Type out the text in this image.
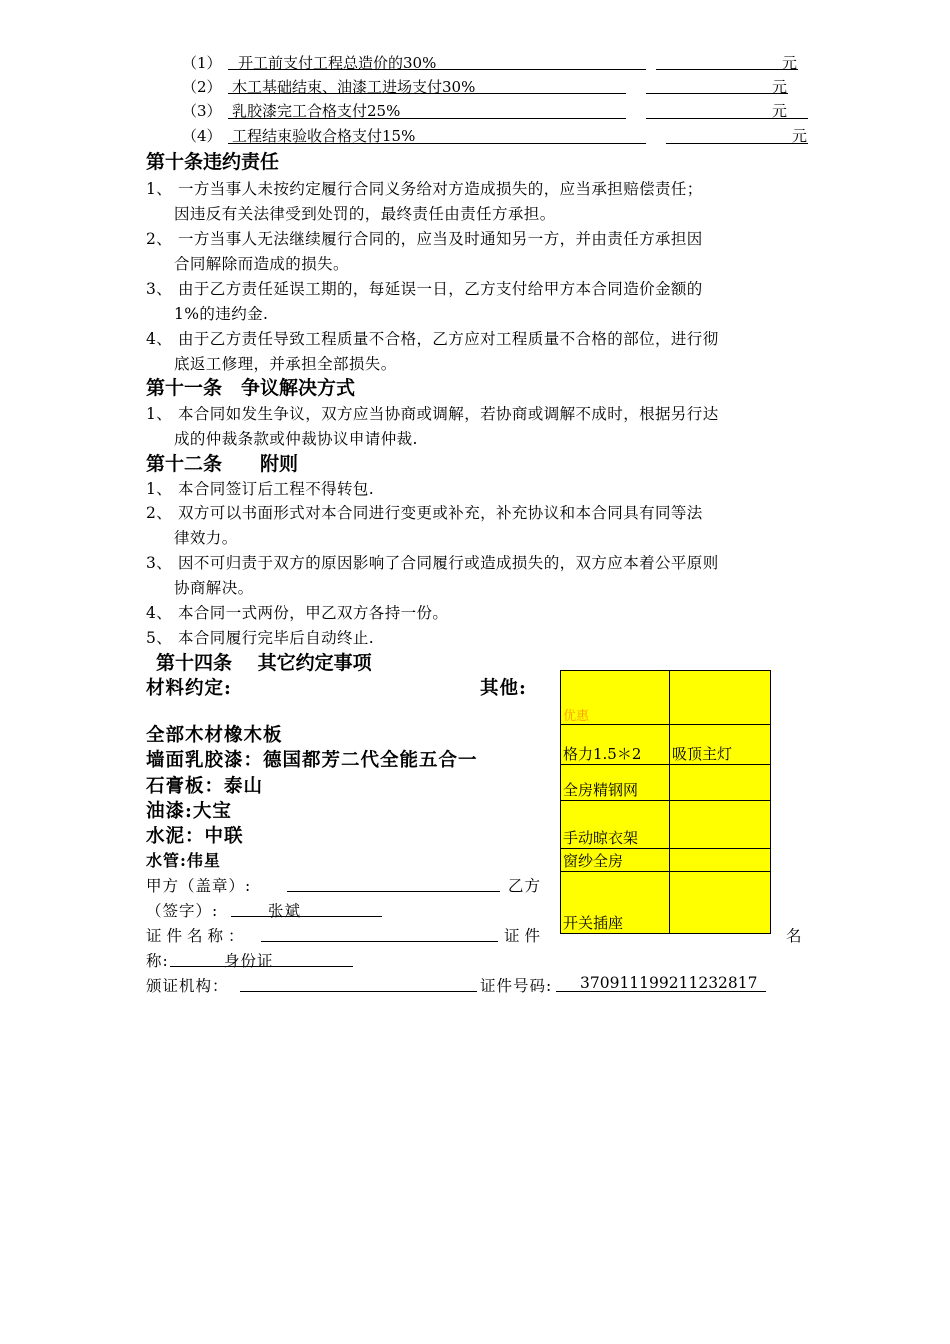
（1） 开工前支付工程总造价的30%	元
（2） 木工基础结束、油漆工进场支付30%	元
（3） 乳胶漆完工合格支付25%	元
（4） 工程结束验收合格支付15%	元
第十条违约责任
1、 一方当事人未按约定履行合同义务给对方造成损失的，应当承担赔偿责任；
因违反有关法律受到处罚的，最终责任由责任方承担。
2、 一方当事人无法继续履行合同的，应当及时通知另一方，并由责任方承担因
合同解除而造成的损失。
3、 由于乙方责任延误工期的，每延误一日，乙方支付给甲方本合同造价金额的
1%的违约金.
4、 由于乙方责任导致工程质量不合格，乙方应对工程质量不合格的部位，进行彻
底返工修理，并承担全部损失。
第十一条　争议解决方式
1、 本合同如发生争议，双方应当协商或调解，若协商或调解不成时，根据另行达
成的仲裁条款或仲裁协议申请仲裁.
第十二条　　附则
1、 本合同签订后工程不得转包.
2、 双方可以书面形式对本合同进行变更或补充，补充协议和本合同具有同等法
律效力。
3、 因不可归责于双方的原因影响了合同履行或造成损失的，双方应本着公平原则
协商解决。
4、 本合同一式两份，甲乙双方各持一份。
5、 本合同履行完毕后自动终止.
第十四条　 其它约定事项
材料约定:	其他:
全部木材橡木板
墙面乳胶漆：德国都芳二代全能五合一
石膏板：泰山
油漆:大宝
水泥：中联
水管:伟星
优惠	
格力1.5＊2	吸顶主灯
全房精钢网	
手动晾衣架	
窗纱全房	
开关插座	
甲方（盖章）:	乙方
（签字）:	张斌
证件名称：	证件	名
称:	身份证
颁证机构：	证件号码: 370911199211232817
